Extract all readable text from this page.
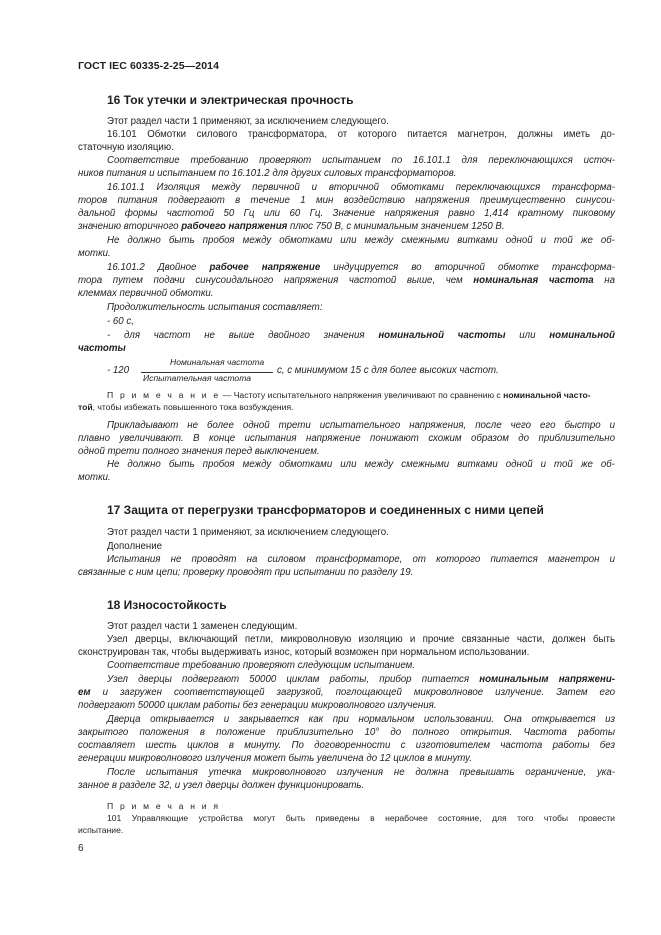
ГОСТ IEC 60335-2-25—2014
16 Ток утечки и электрическая прочность
Этот раздел части 1 применяют, за исключением следующего.
16.101 Обмотки силового трансформатора, от которого питается магнетрон, должны иметь до-
статочную изоляцию.
Соответствие требованию проверяют испытанием по 16.101.1 для переключающихся источ-
ников питания и испытанием по 16.101.2 для других силовых трансформаторов.
16.101.1 Изоляция между первичной и вторичной обмотками переключающихся трансформа-
торов питания подвергают в течение 1 мин воздействию напряжения преимущественно синусои-
дальной формы частотой 50 Гц или 60 Гц. Значение напряжения равно 1,414 кратному пиковому
значению вторичного рабочего напряжения плюс 750 В, с минимальным значением 1250 В.
Не должно быть пробоя между обмотками или между смежными витками одной и той же об-
мотки.
16.101.2 Двойное рабочее напряжение индуцируется во вторичной обмотке трансформа-
тора путем подачи синусоидального напряжения частотой выше, чем номинальная частота на
клеммах первичной обмотки.
Продолжительность испытания составляет:
- 60 с,
- для частот не выше двойного значения номинальной частоты или номинальной
частоты
- 120
Номинальная частота
Испытательная частота
с, с минимумом 15 с для более высоких частот.
П р и м е ч а н и е — Частоту испытательного напряжения увеличивают по сравнению с номинальной часто-
той, чтобы избежать повышенного тока возбуждения.
Прикладывают не более одной трети испытательного напряжения, после чего его быстро и
плавно увеличивают. В конце испытания напряжение понижают схожим образом до приблизительно
одной трети полного значения перед выключением.
Не должно быть пробоя между обмотками или между смежными витками одной и той же об-
мотки.
17 Защита от перегрузки трансформаторов и соединенных с ними цепей
Этот раздел части 1 применяют, за исключением следующего.
Дополнение
Испытания не проводят на силовом трансформаторе, от которого питается магнетрон и
связанные с ним цепи; проверку проводят при испытании по разделу 19.
18 Износостойкость
Этот раздел части 1 заменен следующим.
Узел дверцы, включающий петли, микроволновую изоляцию и прочие связанные части, должен быть
сконструирован так, чтобы выдерживать износ, который возможен при нормальном использовании.
Соответствие требованию проверяют следующим испытанием.
Узел дверцы подвергают 50000 циклам работы, прибор питается номинальным напряжени-
ем и загружен соответствующей загрузкой, поглощающей микроволновое излучение. Затем его
подвергают 50000 циклам работы без генерации микроволнового излучения.
Дверца открывается и закрывается как при нормальном использовании. Она открывается из
закрытого положения в положение приблизительно 10° до полного открытия. Частота работы
составляет шесть циклов в минуту. По договоренности с изготовителем частота работы без
генерации микроволнового излучения может быть увеличена до 12 циклов в минуту.
После испытания утечка микроволнового излучения не должна превышать ограничение, ука-
занное в разделе 32, и узел дверцы должен функционировать.
П р и м е ч а н и я
101 Управляющие устройства могут быть приведены в нерабочее состояние, для того чтобы провести
испытание.
6
